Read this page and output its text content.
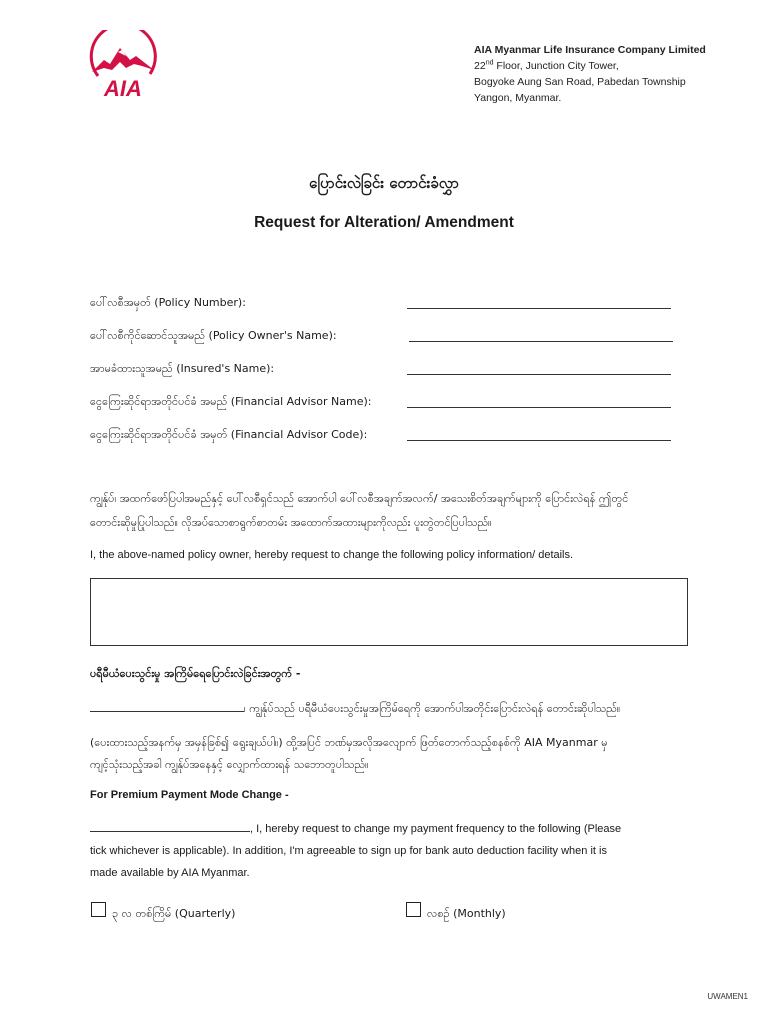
AIA
AIA Myanmar Life Insurance Company Limited
22nd Floor, Junction City Tower,
Bogyoke Aung San Road, Pabedan Township
Yangon, Myanmar.
ပြောင်းလဲခြင်း တောင်းခံလွှာ
Request for Alteration/ Amendment
ပေါ်လစီအမှတ် (Policy Number):
ပေါ်လစီကိုင်ဆောင်သူအမည် (Policy Owner's Name):
အာမခံထားသူအမည် (Insured's Name):
ငွေကြေးဆိုင်ရာအတိုင်ပင်ခံ အမည် (Financial Advisor Name):
ငွေကြေးဆိုင်ရာအတိုင်ပင်ခံ အမှတ် (Financial Advisor Code):
ကျွန်ုပ်၊ အထက်ဖော်ပြပါအမည်နှင့် ပေါ်လစီရှင်သည် အောက်ပါ ပေါ်လစီအချက်အလက်/ အသေးစိတ်အချက်များကို ပြောင်းလဲရန် ဤတွင်
တောင်းဆိုမှုပြုပါသည်။ လိုအပ်သောစာရွက်စာတမ်း အထောက်အထားများကိုလည်း ပူးတွဲတင်ပြပါသည်။
I, the above-named policy owner, hereby request to change the following policy information/ details.
ပရီမီယံပေးသွင်းမှု အကြိမ်ရေပြောင်းလဲခြင်းအတွက် -
၊ ကျွန်ုပ်သည် ပရီမီယံပေးသွင်းမှုအကြိမ်ရေကို အောက်ပါအတိုင်းပြောင်းလဲရန် တောင်းဆိုပါသည်။
(ပေးထားသည့်အနက်မှ အမှန်ခြစ်၍ ရွေးချယ်ပါ။) ထို့အပြင် ဘဏ်မှအလိုအလျောက် ဖြတ်တောက်သည့်စနစ်ကို AIA Myanmar မှ
ကျင့်သုံးသည့်အခါ ကျွန်ုပ်အနေနှင့် လျှောက်ထားရန် သဘောတူပါသည်။
For Premium Payment Mode Change -
, I, hereby request to change my payment frequency to the following (Please
tick whichever is applicable). In addition, I'm agreeable to sign up for bank auto deduction facility when it is
made available by AIA Myanmar.
၃ လ တစ်ကြိမ် (Quarterly)	လစဥ် (Monthly)
UWAMEN1
